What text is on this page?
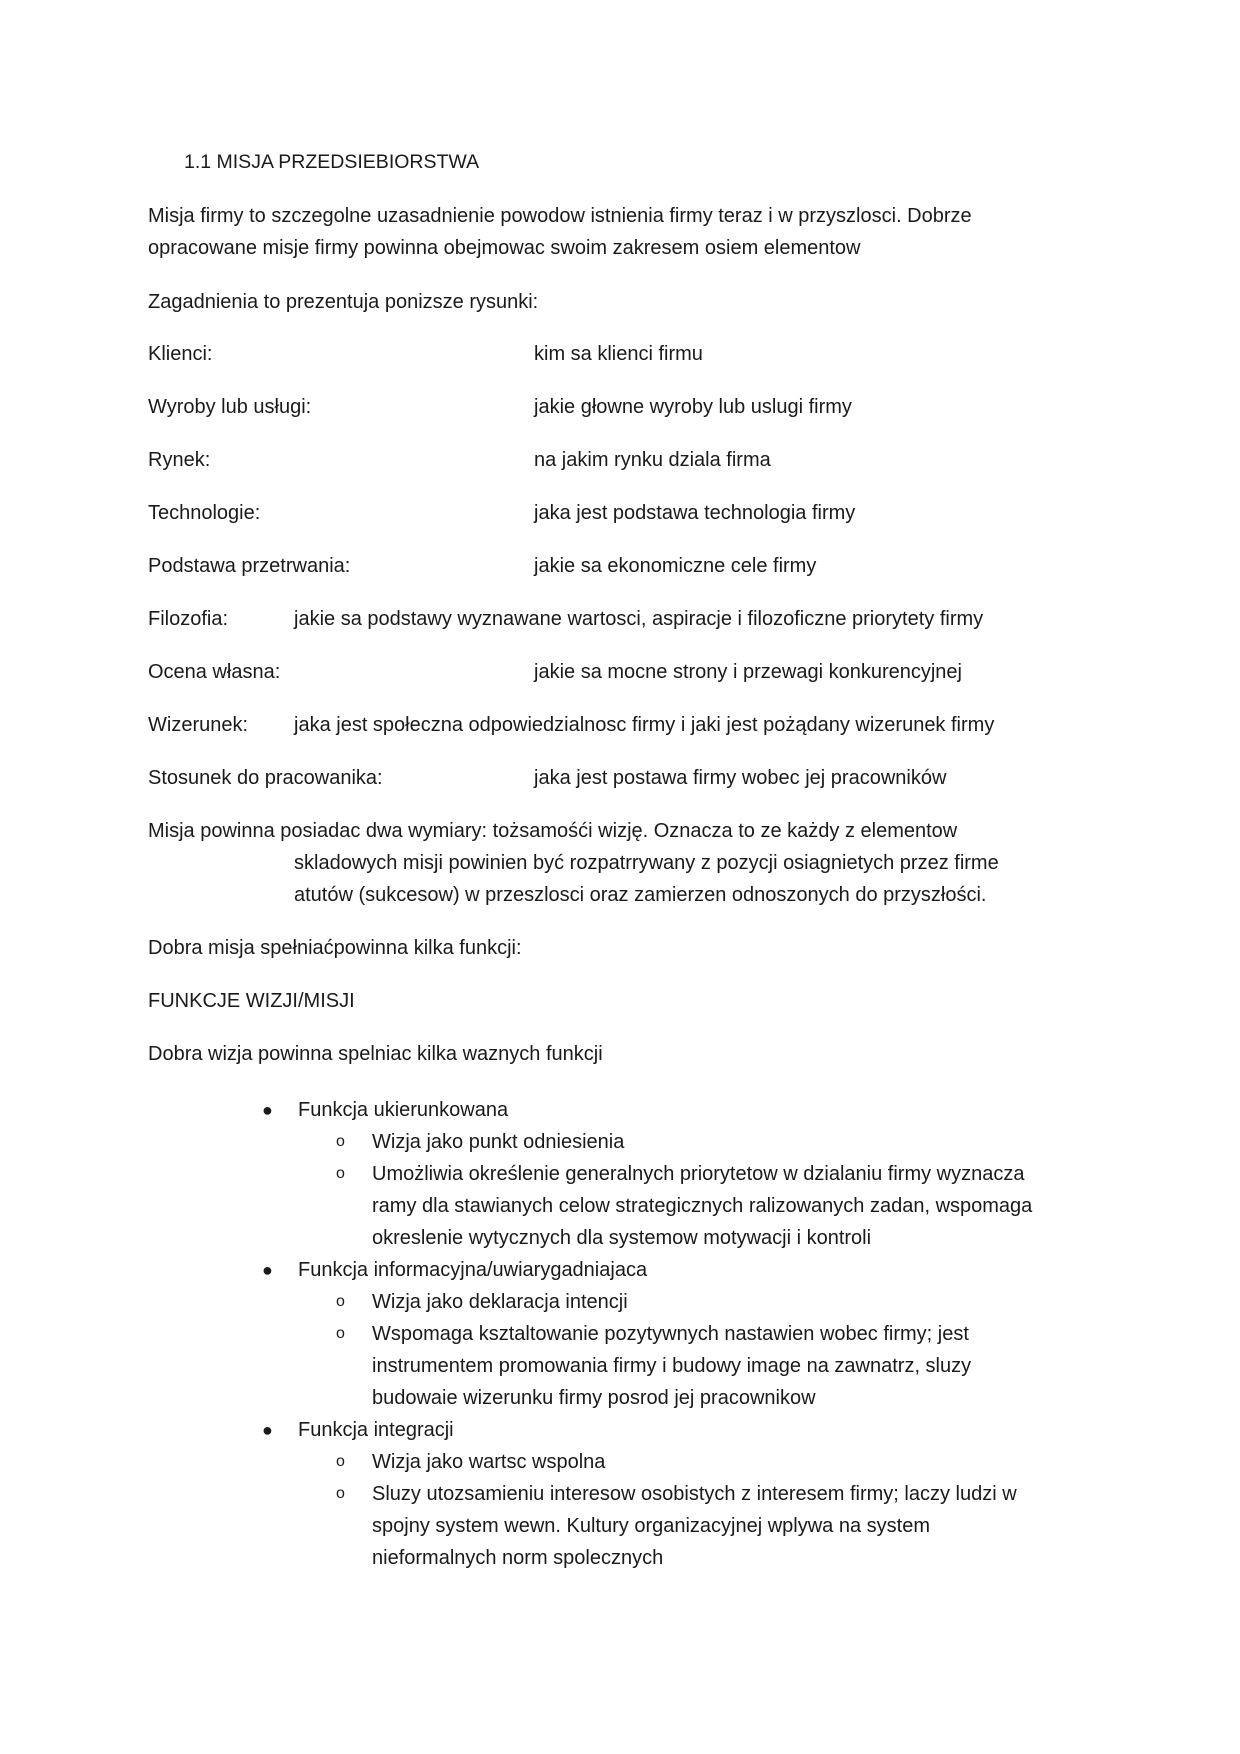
1.1 MISJA PRZEDSIEBIORSTWA
Misja firmy to szczegolne uzasadnienie powodow istnienia firmy teraz i w przyszlosci. Dobrze opracowane misje firmy powinna obejmowac swoim zakresem osiem elementow
Zagadnienia to prezentuja ponizsze rysunki:
Klienci:	kim sa klienci firmu
Wyroby lub usługi:	jakie głowne wyroby lub uslugi firmy
Rynek:	na jakim rynku dziala firma
Technologie:	jaka jest podstawa technologia firmy
Podstawa przetrwania:	jakie sa ekonomiczne cele firmy
Filozofia:	jakie sa podstawy wyznawane wartosci, aspiracje i filozoficzne priorytety firmy
Ocena własna:	jakie sa mocne strony i przewagi konkurencyjnej
Wizerunek: jaka jest społeczna odpowiedzialnosc firmy i jaki jest pożądany wizerunek firmy
Stosunek do pracowanika:	jaka jest postawa firmy wobec jej pracowników
Misja powinna posiadac dwa wymiary: tożsamośći wizję. Oznacza to ze każdy z elementow
skladowych misji powinien być rozpatrrywany z pozycji osiagnietych przez firme
atutów (sukcesow) w przeszlosci oraz zamierzen odnoszonych do przyszłości.
Dobra misja spełniaćpowinna kilka funkcji:
FUNKCJE WIZJI/MISJI
Dobra wizja powinna spelniac kilka waznych funkcji
● Funkcja ukierunkowana
o Wizja jako punkt odniesienia
o Umożliwia określenie generalnych priorytetow w dzialaniu firmy wyznacza
ramy dla stawianych celow strategicznych ralizowanych zadan, wspomaga
okreslenie wytycznych dla systemow motywacji i kontroli
● Funkcja informacyjna/uwiarygadniajaca
o Wizja jako deklaracja intencji
o Wspomaga ksztaltowanie pozytywnych nastawien wobec firmy; jest
instrumentem promowania firmy i budowy image na zawnatrz, sluzy
budowaie wizerunku firmy posrod jej pracownikow
● Funkcja integracji
o Wizja jako wartsc wspolna
o Sluzy utozsamieniu interesow osobistych z interesem firmy; laczy ludzi w
spojny system wewn. Kultury organizacyjnej wplywa na system
nieformalnych norm spolecznych
